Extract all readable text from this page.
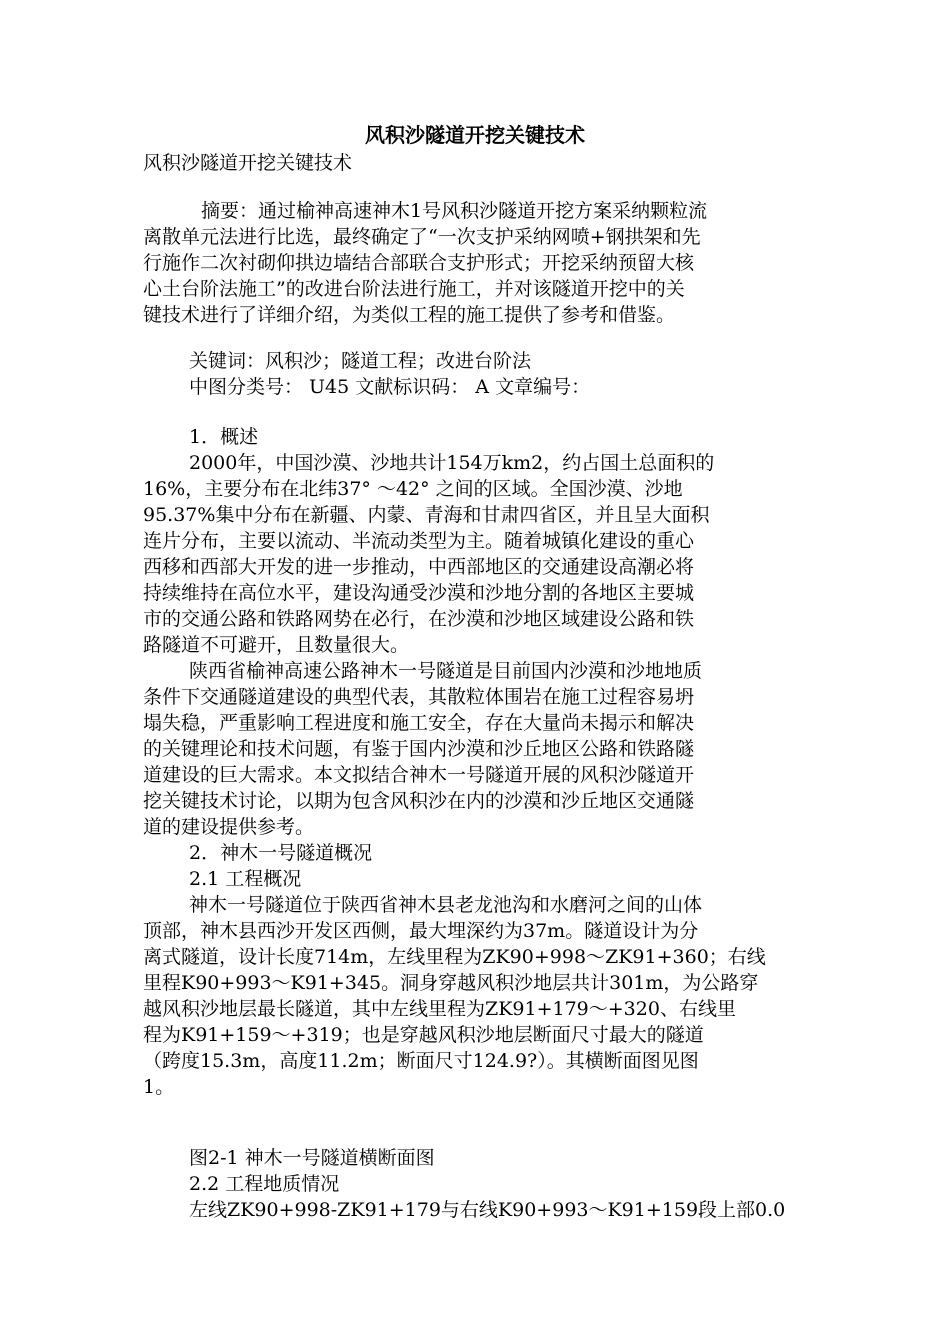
风积沙隧道开挖关键技术
风积沙隧道开挖关键技术
摘要：通过榆神高速神木1号风积沙隧道开挖方案采纳颗粒流
离散单元法进行比选，最终确定了“一次支护采纳网喷+钢拱架和先
行施作二次衬砌仰拱边墙结合部联合支护形式；开挖采纳预留大核
心土台阶法施工”的改进台阶法进行施工，并对该隧道开挖中的关
键技术进行了详细介绍，为类似工程的施工提供了参考和借鉴。
关键词：风积沙；隧道工程；改进台阶法
中图分类号： U45 文献标识码： A 文章编号：
1．概述
2000年，中国沙漠、沙地共计154万km2，约占国土总面积的
16%，主要分布在北纬37° ～42° 之间的区域。全国沙漠、沙地
95.37%集中分布在新疆、内蒙、青海和甘肃四省区，并且呈大面积
连片分布，主要以流动、半流动类型为主。随着城镇化建设的重心
西移和西部大开发的进一步推动，中西部地区的交通建设高潮必将
持续维持在高位水平，建设沟通受沙漠和沙地分割的各地区主要城
市的交通公路和铁路网势在必行，在沙漠和沙地区域建设公路和铁
路隧道不可避开，且数量很大。
陕西省榆神高速公路神木一号隧道是目前国内沙漠和沙地地质
条件下交通隧道建设的典型代表，其散粒体围岩在施工过程容易坍
塌失稳，严重影响工程进度和施工安全，存在大量尚未揭示和解决
的关键理论和技术问题，有鉴于国内沙漠和沙丘地区公路和铁路隧
道建设的巨大需求。本文拟结合神木一号隧道开展的风积沙隧道开
挖关键技术讨论，以期为包含风积沙在内的沙漠和沙丘地区交通隧
道的建设提供参考。
2．神木一号隧道概况
2.1 工程概况
神木一号隧道位于陕西省神木县老龙池沟和水磨河之间的山体
顶部，神木县西沙开发区西侧，最大埋深约为37m。隧道设计为分
离式隧道，设计长度714m，左线里程为ZK90+998～ZK91+360；右线
里程K90+993～K91+345。洞身穿越风积沙地层共计301m，为公路穿
越风积沙地层最长隧道，其中左线里程为ZK91+179～+320、右线里
程为K91+159～+319；也是穿越风积沙地层断面尺寸最大的隧道
（跨度15.3m，高度11.2m；断面尺寸124.9?）。其横断面图见图
1。
图2-1 神木一号隧道横断面图
2.2 工程地质情况
左线ZK90+998-ZK91+179与右线K90+993～K91+159段上部0.0
